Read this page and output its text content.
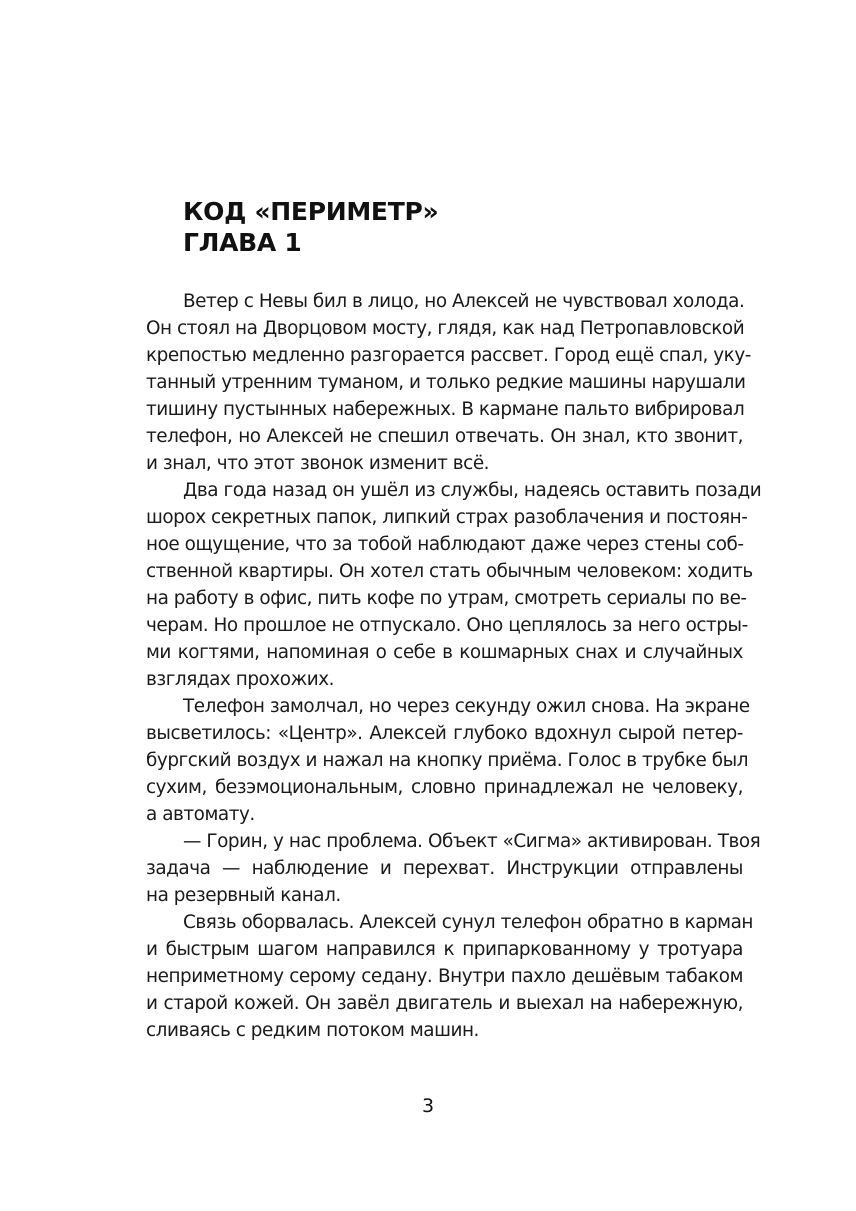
КОД «ПЕРИМЕТР»
ГЛАВА 1
Ветер с Невы бил в лицо, но Алексей не чувствовал холода.
Он стоял на Дворцовом мосту, глядя, как над Петропавловской
крепостью медленно разгорается рассвет. Город ещё спал, уку-
танный утренним туманом, и только редкие машины нарушали
тишину пустынных набережных. В кармане пальто вибрировал
телефон, но Алексей не спешил отвечать. Он знал, кто звонит,
и знал, что этот звонок изменит всё.
Два года назад он ушёл из службы, надеясь оставить позади
шорох секретных папок, липкий страх разоблачения и постоян-
ное ощущение, что за тобой наблюдают даже через стены соб-
ственной квартиры. Он хотел стать обычным человеком: ходить
на работу в офис, пить кофе по утрам, смотреть сериалы по ве-
черам. Но прошлое не отпускало. Оно цеплялось за него остры-
ми когтями, напоминая о себе в кошмарных снах и случайных
взглядах прохожих.
Телефон замолчал, но через секунду ожил снова. На экране
высветилось: «Центр». Алексей глубоко вдохнул сырой петер-
бургский воздух и нажал на кнопку приёма. Голос в трубке был
сухим, безэмоциональным, словно принадлежал не человеку,
а автомату.
— Горин, у нас проблема. Объект «Сигма» активирован. Твоя
задача — наблюдение и перехват. Инструкции отправлены
на резервный канал.
Связь оборвалась. Алексей сунул телефон обратно в карман
и быстрым шагом направился к припаркованному у тротуара
неприметному серому седану. Внутри пахло дешёвым табаком
и старой кожей. Он завёл двигатель и выехал на набережную,
сливаясь с редким потоком машин.
3
